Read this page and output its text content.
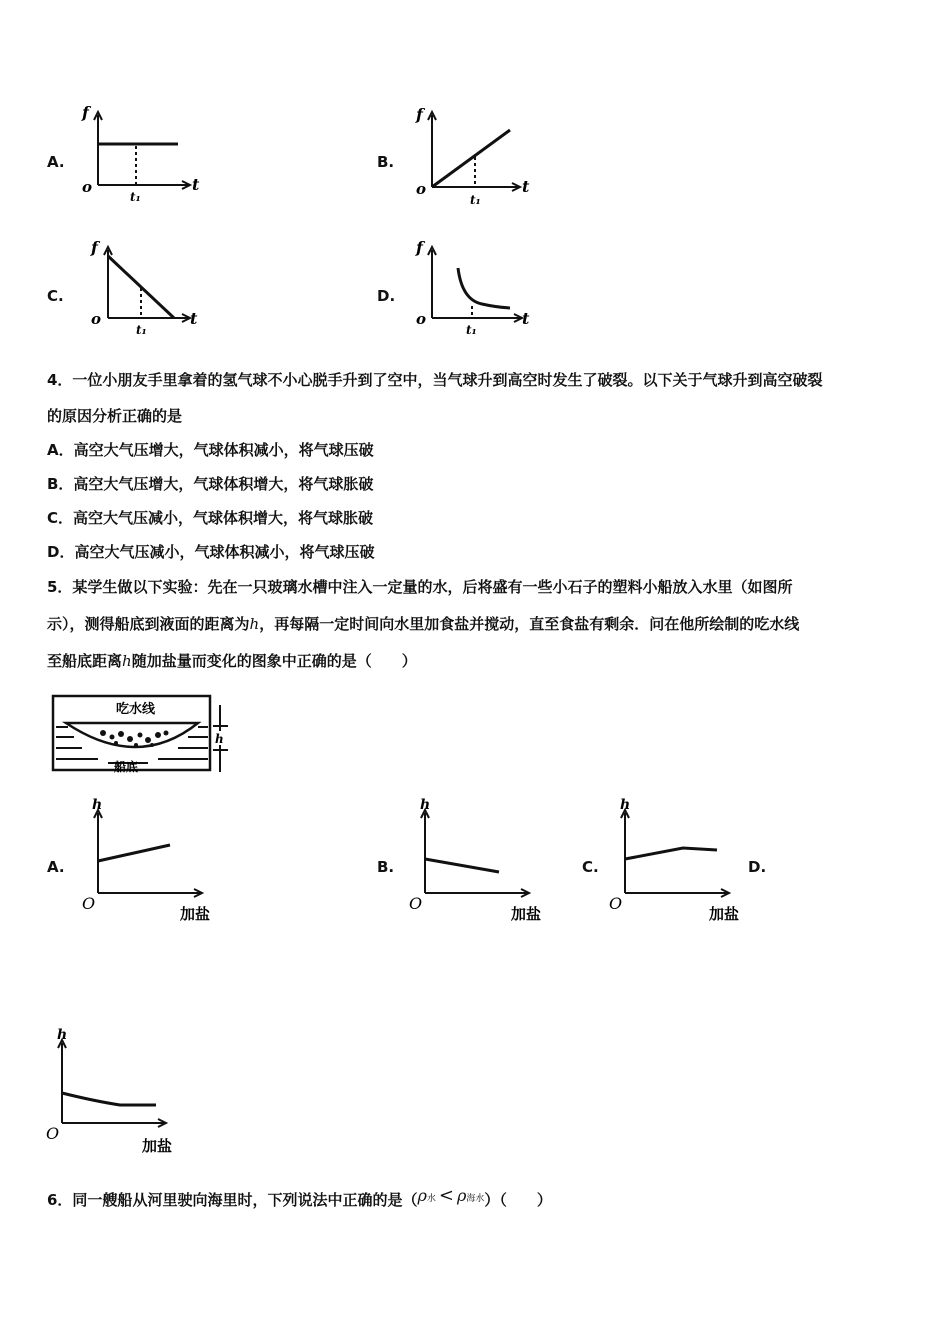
A.
f
t
o
t₁
B.
f
t
o
t₁
C.
f
t
o
t₁
D.
f
t
o
t₁
4．一位小朋友手里拿着的氢气球不小心脱手升到了空中，当气球升到高空时发生了破裂。以下关于气球升到高空破裂
的原因分析正确的是
A．高空大气压增大，气球体积减小，将气球压破
B．高空大气压增大，气球体积增大，将气球胀破
C．高空大气压减小，气球体积增大，将气球胀破
D．高空大气压减小，气球体积减小，将气球压破
5．某学生做以下实验：先在一只玻璃水槽中注入一定量的水，后将盛有一些小石子的塑料小船放入水里（如图所
示），测得船底到液面的距离为h，再每隔一定时间向水里加食盐并搅动，直至食盐有剩余．问在他所绘制的吃水线
至船底距离h随加盐量而变化的图象中正确的是（　　）
吃水线
船底
h
A.
h
O
加盐
B.
h
O
加盐
C.
h
O
加盐
D.
h
O
加盐
6．同一艘船从河里驶向海里时，下列说法中正确的是（ρ水 < ρ海水）（　　）
